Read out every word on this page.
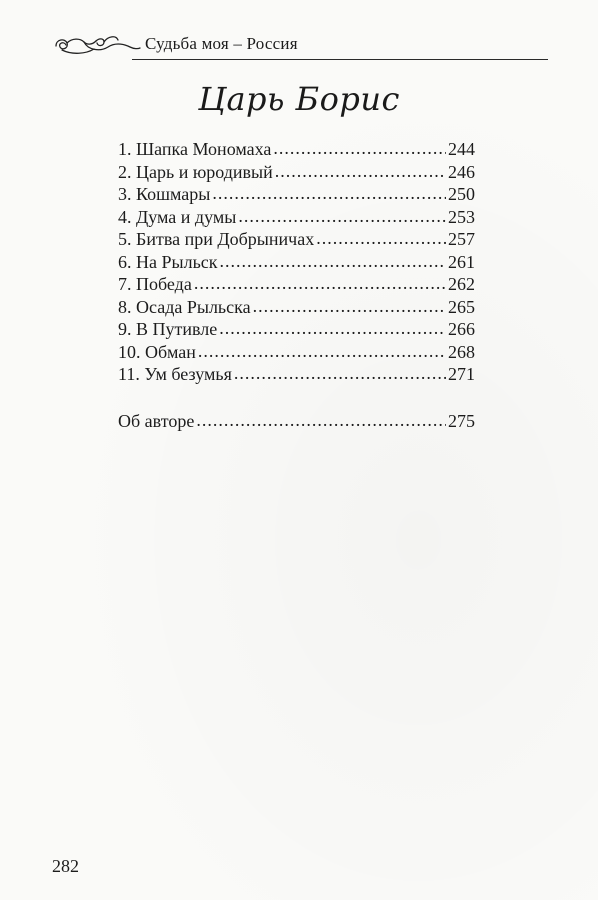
Судьба моя – Россия
Царь Борис
1. Шапка Мономаха .....	244
2. Царь и юродивый .....	246
3. Кошмары .....	250
4. Дума и думы .....	253
5. Битва при Добрыничах .....	257
6. На Рыльск .....	261
7. Победа .....	262
8. Осада Рыльска .....	265
9. В Путивле .....	266
10. Обман .....	268
11. Ум безумья .....	271
Об авторе .....	275
282
